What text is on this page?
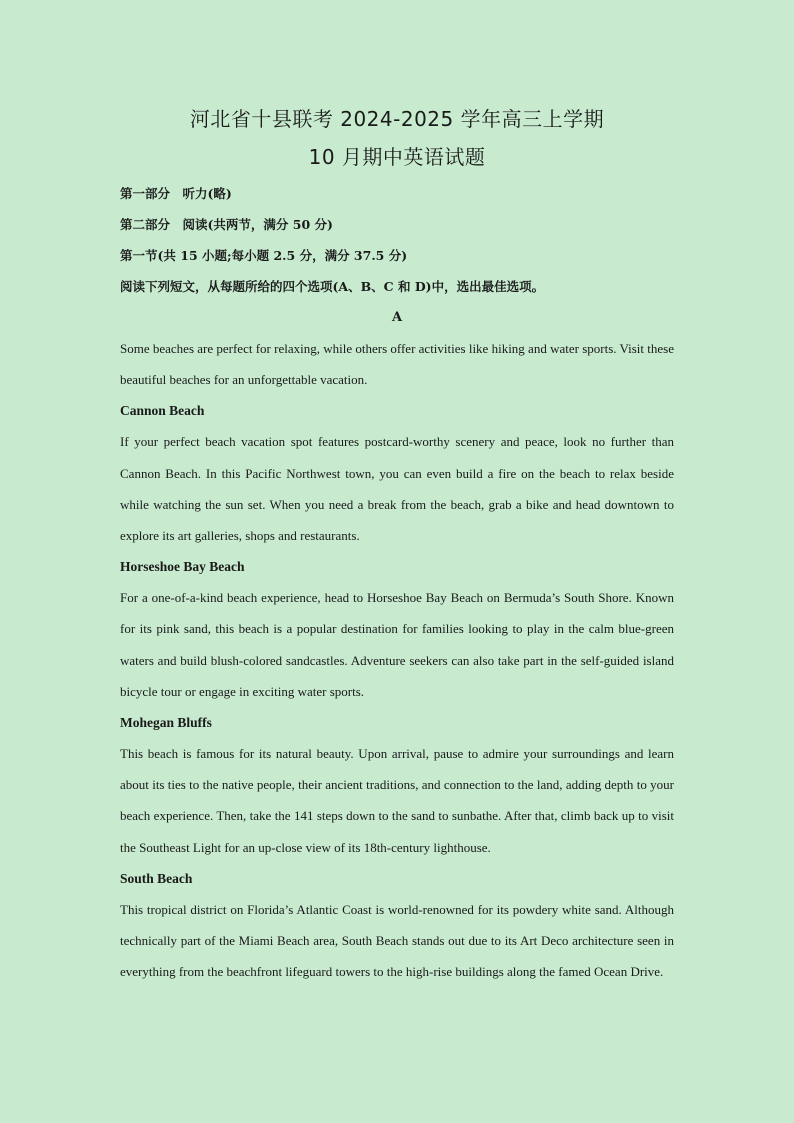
河北省十县联考 2024-2025 学年高三上学期
10 月期中英语试题

第一部分　听力(略)

第二部分　阅读(共两节，满分 50 分)

第一节(共 15 小题;每小题 2.5 分，满分 37.5 分)

阅读下列短文，从每题所给的四个选项(A、B、C 和 D)中，选出最佳选项。

A

Some beaches are perfect for relaxing, while others offer activities like hiking and water sports. Visit these beautiful beaches for an unforgettable vacation.

Cannon Beach

If your perfect beach vacation spot features postcard-worthy scenery and peace, look no further than Cannon Beach. In this Pacific Northwest town, you can even build a fire on the beach to relax beside while watching the sun set. When you need a break from the beach, grab a bike and head downtown to explore its art galleries, shops and restaurants.

Horseshoe Bay Beach

For a one-of-a-kind beach experience, head to Horseshoe Bay Beach on Bermuda’s South Shore. Known for its pink sand, this beach is a popular destination for families looking to play in the calm blue-green waters and build blush-colored sandcastles. Adventure seekers can also take part in the self-guided island bicycle tour or engage in exciting water sports.

Mohegan Bluffs

This beach is famous for its natural beauty. Upon arrival, pause to admire your surroundings and learn about its ties to the native people, their ancient traditions, and connection to the land, adding depth to your beach experience. Then, take the 141 steps down to the sand to sunbathe. After that, climb back up to visit the Southeast Light for an up-close view of its 18th-century lighthouse.

South Beach

This tropical district on Florida’s Atlantic Coast is world-renowned for its powdery white sand. Although technically part of the Miami Beach area, South Beach stands out due to its Art Deco architecture seen in everything from the beachfront lifeguard towers to the high-rise buildings along the famed Ocean Drive.
